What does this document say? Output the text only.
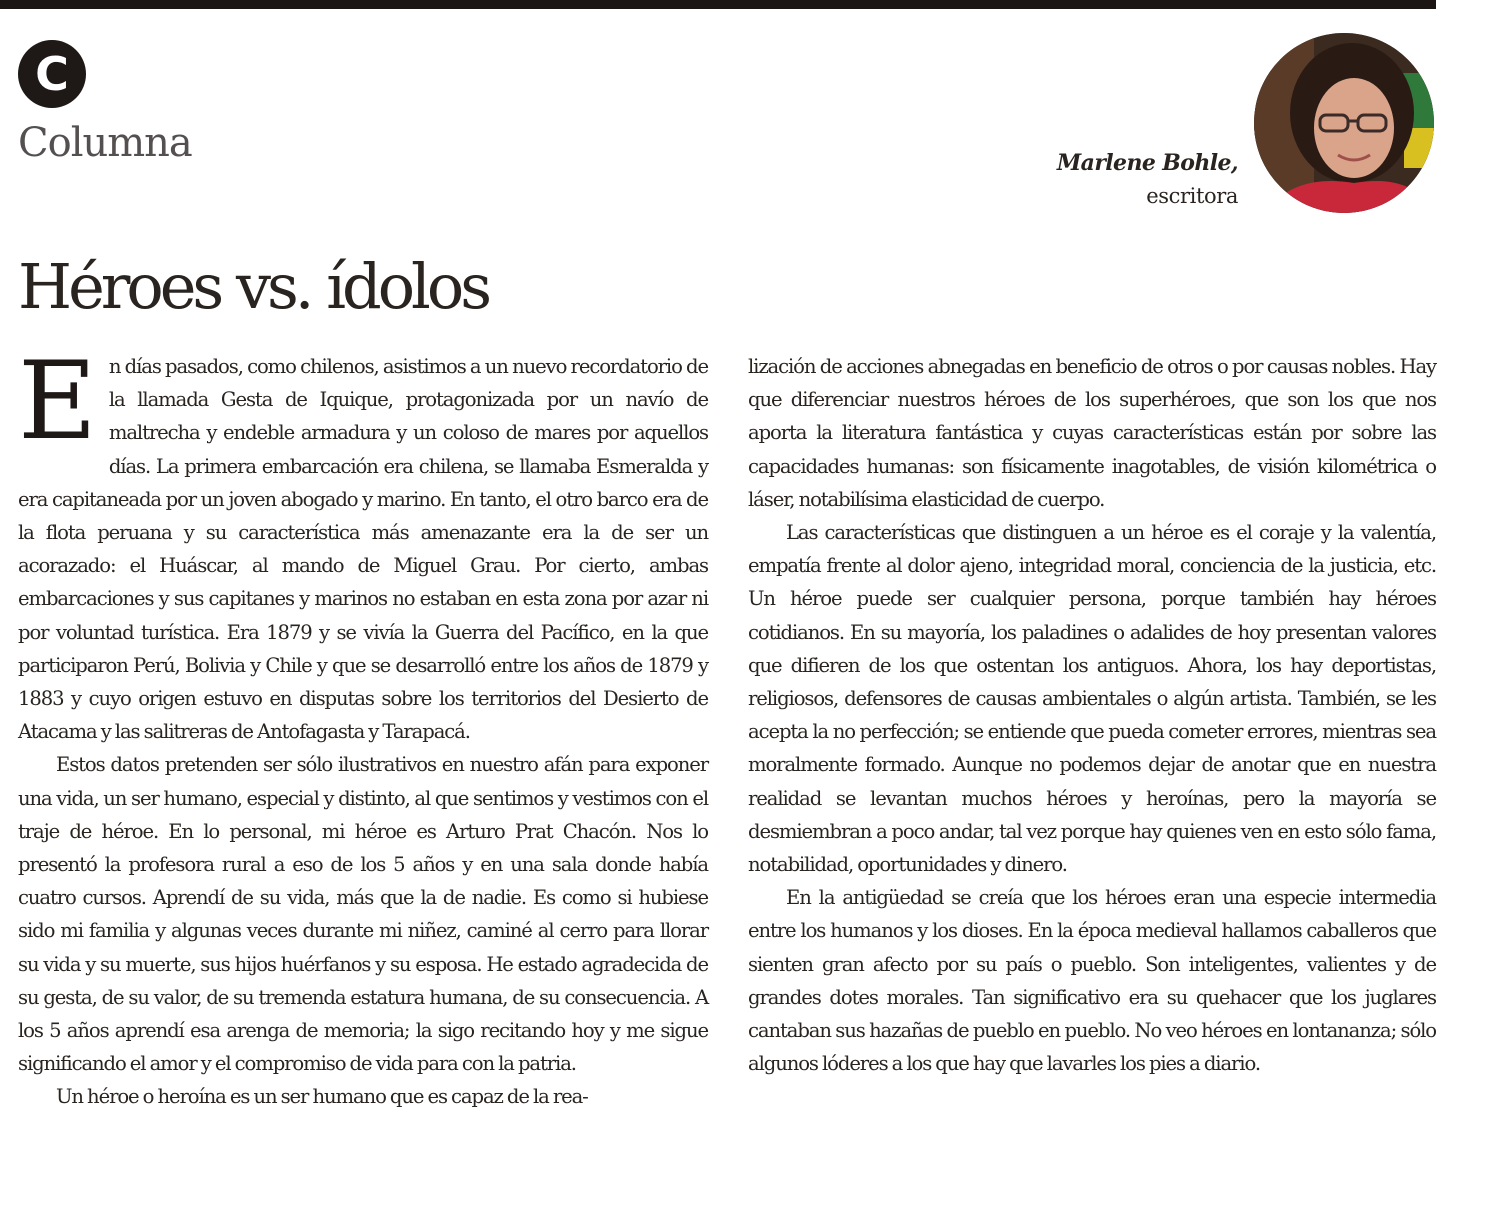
C
Columna	Marlene Bohle,
escritora
Héroes vs. ídolos

En días pasados, como chilenos, asistimos a un nuevo recordatorio de la llamada Gesta de Iquique, protagonizada por un navío de maltrecha y endeble armadura y un coloso de mares por aquellos días. La primera embarcación era chilena, se llamaba Esmeralda y era capitaneada por un joven abogado y marino. En tanto, el otro barco era de la flota peruana y su característica más amenazante era la de ser un acorazado: el Huáscar, al mando de Miguel Grau. Por cierto, ambas embarcaciones y sus capitanes y marinos no estaban en esta zona por azar ni por voluntad turística. Era 1879 y se vivía la Guerra del Pacífico, en la que participaron Perú, Bolivia y Chile y que se desarrolló entre los años de 1879 y 1883 y cuyo origen estuvo en disputas sobre los territorios del Desierto de Atacama y las salitreras de Antofagasta y Tarapacá.

Estos datos pretenden ser sólo ilustrativos en nuestro afán para exponer una vida, un ser humano, especial y distinto, al que sentimos y vestimos con el traje de héroe. En lo personal, mi héroe es Arturo Prat Chacón. Nos lo presentó la profesora rural a eso de los 5 años y en una sala donde había cuatro cursos. Aprendí de su vida, más que la de nadie. Es como si hubiese sido mi familia y algunas veces durante mi niñez, caminé al cerro para llorar su vida y su muerte, sus hijos huérfanos y su esposa. He estado agradecida de su gesta, de su valor, de su tremenda estatura humana, de su consecuencia. A los 5 años aprendí esa arenga de memoria; la sigo recitando hoy y me sigue significando el amor y el compromiso de vida para con la patria.

Un héroe o heroína es un ser humano que es capaz de la rea-

lización de acciones abnegadas en beneficio de otros o por causas nobles. Hay que diferenciar nuestros héroes de los superhéroes, que son los que nos aporta la literatura fantástica y cuyas características están por sobre las capacidades humanas: son físicamente inagotables, de visión kilométrica o láser, notabilísima elasticidad de cuerpo.

Las características que distinguen a un héroe es el coraje y la valentía, empatía frente al dolor ajeno, integridad moral, conciencia de la justicia, etc. Un héroe puede ser cualquier persona, porque también hay héroes cotidianos. En su mayoría, los paladines o adalides de hoy presentan valores que difieren de los que ostentan los antiguos. Ahora, los hay deportistas, religiosos, defensores de causas ambientales o algún artista. También, se les acepta la no perfección; se entiende que pueda cometer errores, mientras sea moralmente formado. Aunque no podemos dejar de anotar que en nuestra realidad se levantan muchos héroes y heroínas, pero la mayoría se desmiembran a poco andar, tal vez porque hay quienes ven en esto sólo fama, notabilidad, oportunidades y dinero.

En la antigüedad se creía que los héroes eran una especie intermedia entre los humanos y los dioses. En la época medieval hallamos caballeros que sienten gran afecto por su país o pueblo. Son inteligentes, valientes y de grandes dotes morales. Tan significativo era su quehacer que los juglares cantaban sus hazañas de pueblo en pueblo. No veo héroes en lontananza; sólo algunos lóderes a los que hay que lavarles los pies a diario.
